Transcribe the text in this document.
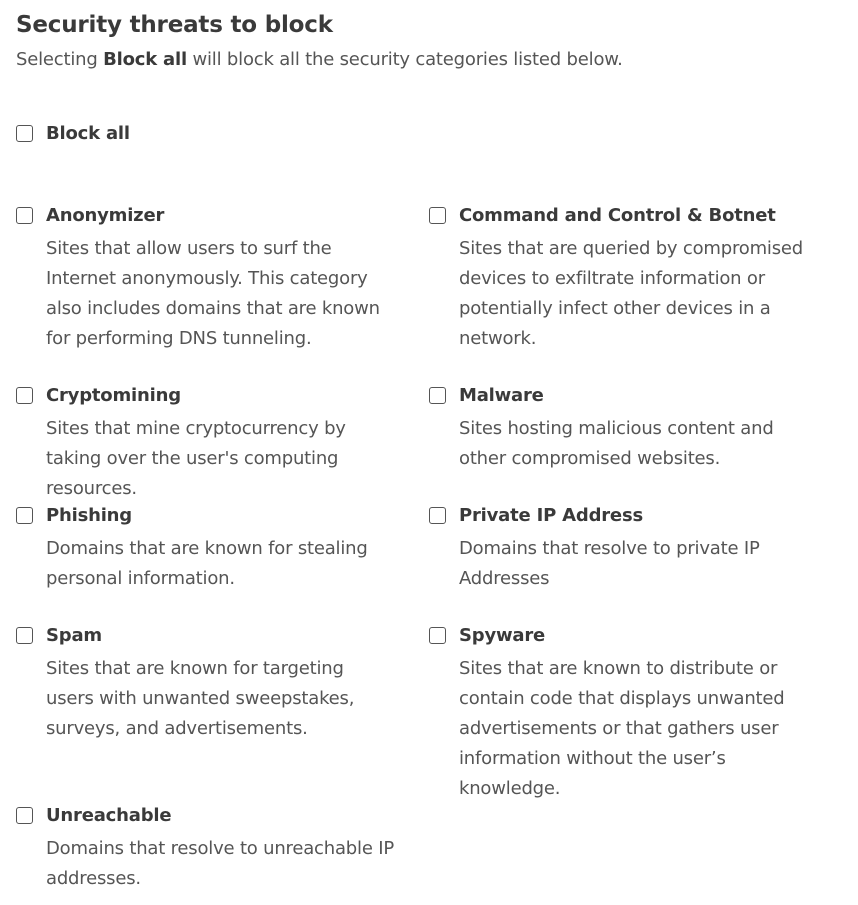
Security threats to block
Selecting Block all will block all the security categories listed below.
Block all
Anonymizer
Sites that allow users to surf the Internet anonymously. This category also includes domains that are known for performing DNS tunneling.
Command and Control & Botnet
Sites that are queried by compromised devices to exfiltrate information or potentially infect other devices in a network.
Cryptomining
Sites that mine cryptocurrency by taking over the user's computing resources.
Malware
Sites hosting malicious content and other compromised websites.
Phishing
Domains that are known for stealing personal information.
Private IP Address
Domains that resolve to private IP Addresses
Spam
Sites that are known for targeting users with unwanted sweepstakes, surveys, and advertisements.
Spyware
Sites that are known to distribute or contain code that displays unwanted advertisements or that gathers user information without the user’s knowledge.
Unreachable
Domains that resolve to unreachable IP addresses.
